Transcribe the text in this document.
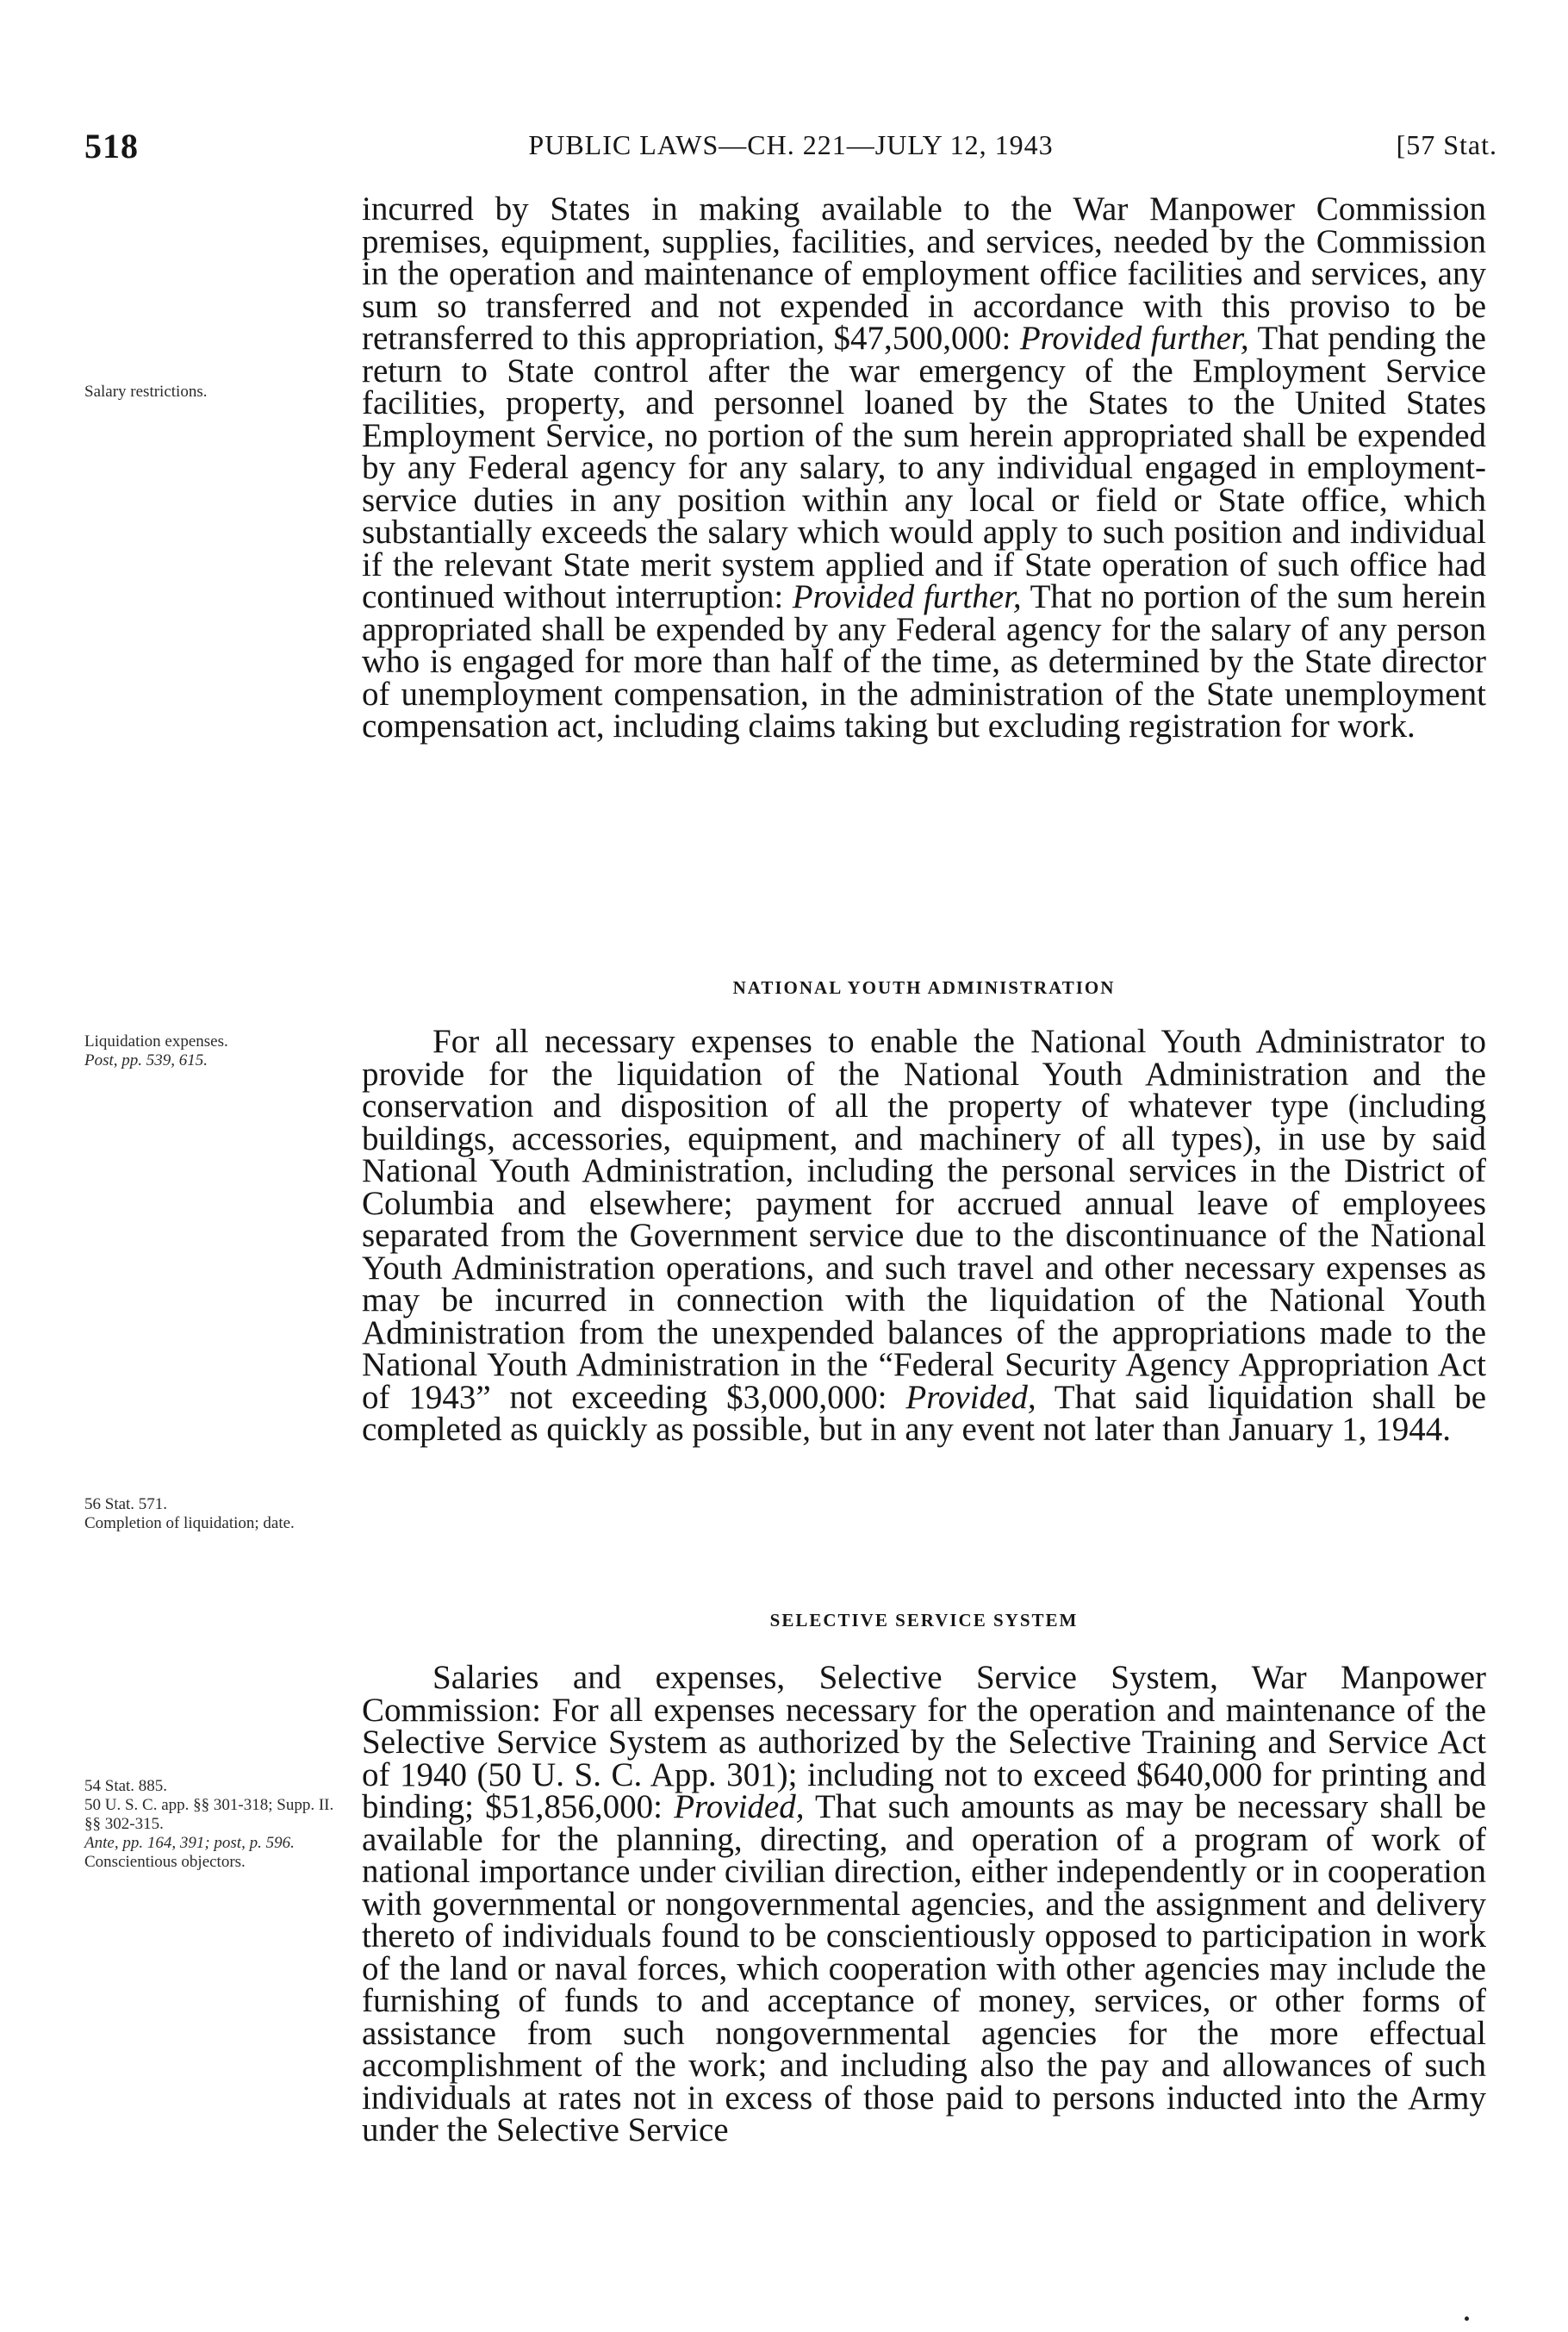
518	PUBLIC LAWS—CH. 221—JULY 12, 1943	[57 Stat.

incurred by States in making available to the War Manpower Commission premises, equipment, supplies, facilities, and services, needed by the Commission in the operation and maintenance of employment office facilities and services, any sum so transferred and not expended in accordance with this proviso to be retransferred to this appropriation, $47,500,000: Provided further, That pending the return to State control after the war emergency of the Employment Service facilities, property, and personnel loaned by the States to the United States Employment Service, no portion of the sum herein appropriated shall be expended by any Federal agency for any salary, to any individual engaged in employment-service duties in any position within any local or field or State office, which substantially exceeds the salary which would apply to such position and individual if the relevant State merit system applied and if State operation of such office had continued without interruption: Provided further, That no portion of the sum herein appropriated shall be expended by any Federal agency for the salary of any person who is engaged for more than half of the time, as determined by the State director of unemployment compensation, in the administration of the State unemployment compensation act, including claims taking but excluding registration for work.

Salary restrictions.
NATIONAL YOUTH ADMINISTRATION

For all necessary expenses to enable the National Youth Administrator to provide for the liquidation of the National Youth Administration and the conservation and disposition of all the property of whatever type (including buildings, accessories, equipment, and machinery of all types), in use by said National Youth Administration, including the personal services in the District of Columbia and elsewhere; payment for accrued annual leave of employees separated from the Government service due to the discontinuance of the National Youth Administration operations, and such travel and other necessary expenses as may be incurred in connection with the liquidation of the National Youth Administration from the unexpended balances of the appropriations made to the National Youth Administration in the “Federal Security Agency Appropriation Act of 1943” not exceeding $3,000,000: Provided, That said liquidation shall be completed as quickly as possible, but in any event not later than January 1, 1944.

Liquidation expenses.
Post, pp. 539, 615.
56 Stat. 571.
Completion of liquidation; date.
SELECTIVE SERVICE SYSTEM

Salaries and expenses, Selective Service System, War Manpower Commission: For all expenses necessary for the operation and maintenance of the Selective Service System as authorized by the Selective Training and Service Act of 1940 (50 U. S. C. App. 301); including not to exceed $640,000 for printing and binding; $51,856,000: Provided, That such amounts as may be necessary shall be available for the planning, directing, and operation of a program of work of national importance under civilian direction, either independently or in cooperation with governmental or nongovernmental agencies, and the assignment and delivery thereto of individuals found to be conscientiously opposed to participation in work of the land or naval forces, which cooperation with other agencies may include the furnishing of funds to and acceptance of money, services, or other forms of assistance from such nongovernmental agencies for the more effectual accomplishment of the work; and including also the pay and allowances of such individuals at rates not in excess of those paid to persons inducted into the Army under the Selective Service

54 Stat. 885.
50 U. S. C. app. §§ 301-318; Supp. II. §§ 302-315.
Ante, pp. 164, 391; post, p. 596.
Conscientious objectors.
